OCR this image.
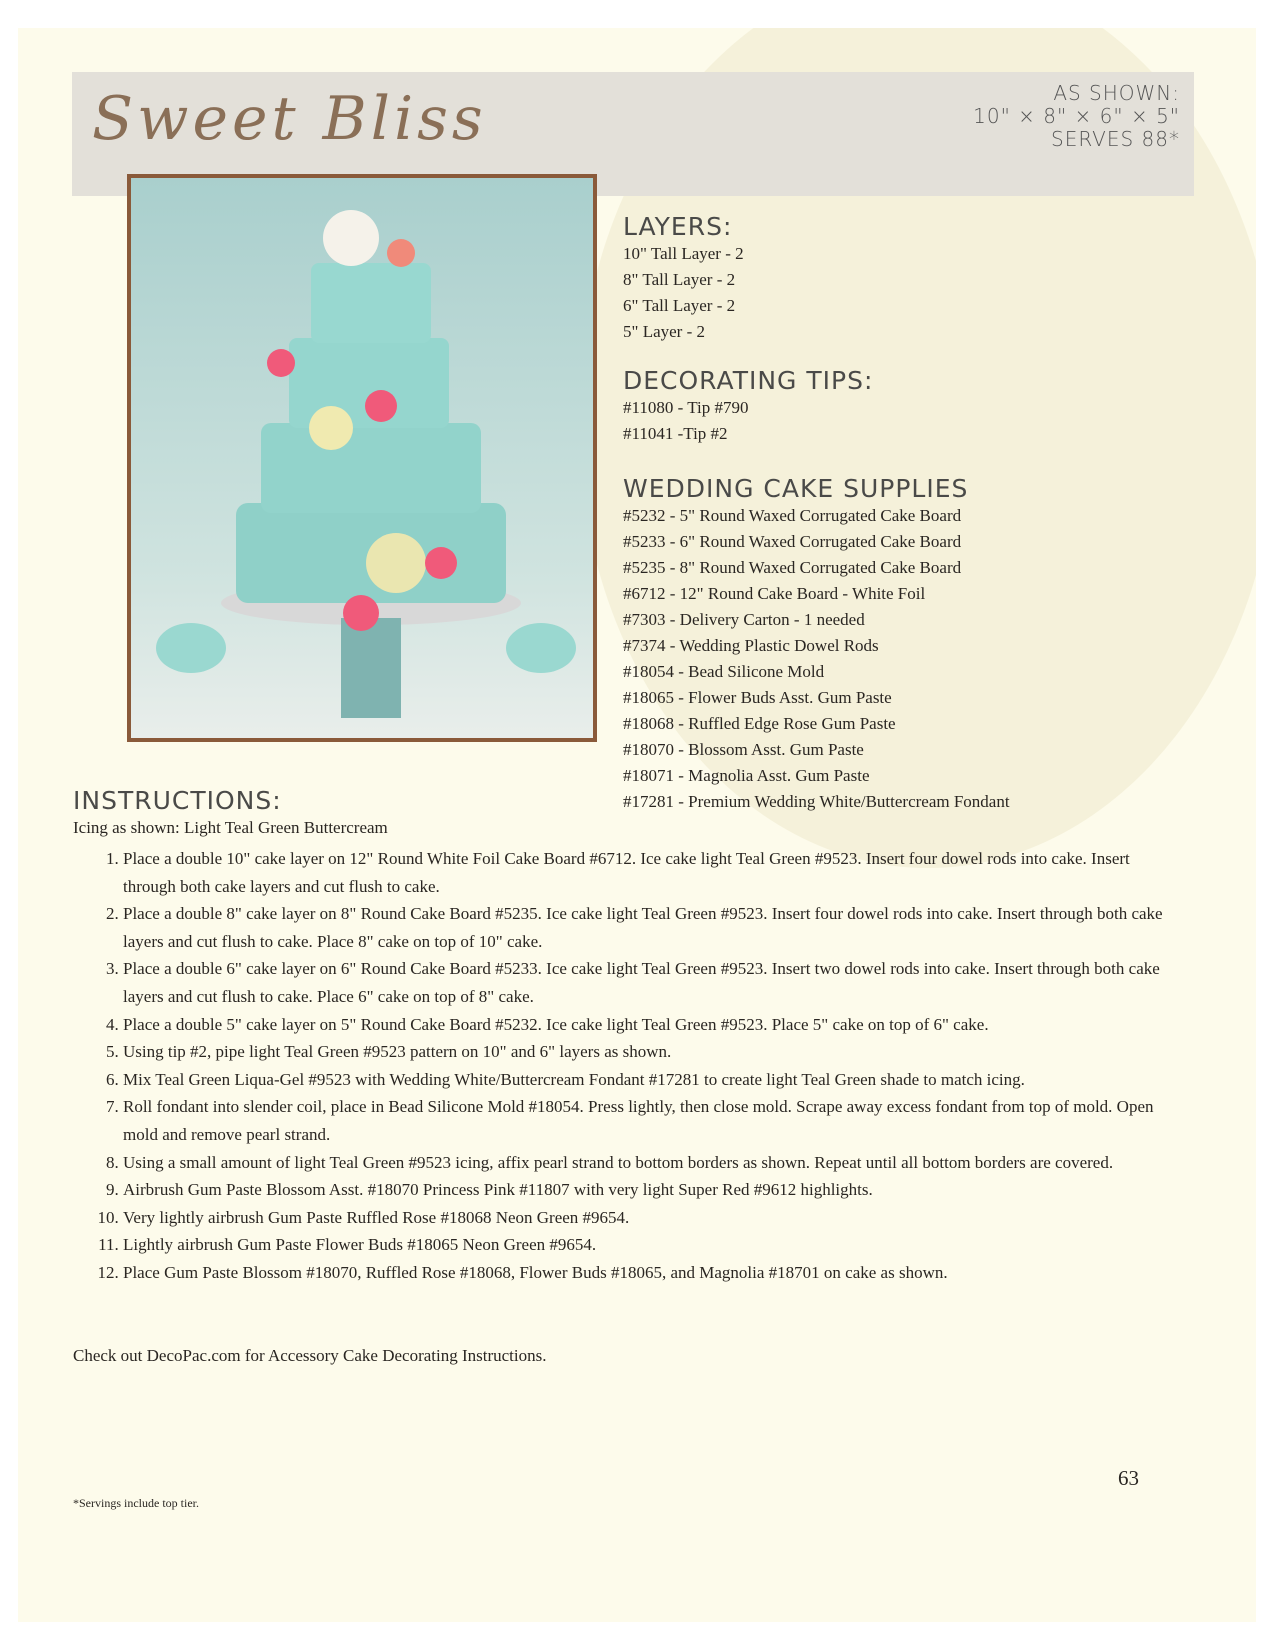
Sweet Bliss	AS SHOWN:
10" × 8" × 6" × 5"
SERVES 88*
LAYERS:
10" Tall Layer - 2
8" Tall Layer - 2
6" Tall Layer - 2
5" Layer - 2
DECORATING TIPS:
#11080 - Tip #790
#11041 -Tip #2
WEDDING CAKE SUPPLIES
#5232 - 5" Round Waxed Corrugated Cake Board
#5233 - 6" Round Waxed Corrugated Cake Board
#5235 - 8" Round Waxed Corrugated Cake Board
#6712 - 12" Round Cake Board - White Foil
#7303 - Delivery Carton - 1 needed
#7374 - Wedding Plastic Dowel Rods
#18054 - Bead Silicone Mold
#18065 - Flower Buds Asst. Gum Paste
#18068 - Ruffled Edge Rose Gum Paste
#18070 - Blossom Asst. Gum Paste
#18071 - Magnolia Asst. Gum Paste
#17281 - Premium Wedding White/Buttercream Fondant
INSTRUCTIONS:
Icing as shown: Light Teal Green Buttercream
1. Place a double 10" cake layer on 12" Round White Foil Cake Board #6712. Ice cake light Teal Green #9523. Insert four dowel rods into cake. Insert through both cake layers and cut flush to cake.
2. Place a double 8" cake layer on 8" Round Cake Board #5235. Ice cake light Teal Green #9523. Insert four dowel rods into cake. Insert through both cake layers and cut flush to cake. Place 8" cake on top of 10" cake.
3. Place a double 6" cake layer on 6" Round Cake Board #5233. Ice cake light Teal Green #9523. Insert two dowel rods into cake. Insert through both cake layers and cut flush to cake. Place 6" cake on top of 8" cake.
4. Place a double 5" cake layer on 5" Round Cake Board #5232. Ice cake light Teal Green #9523. Place 5" cake on top of 6" cake.
5. Using tip #2, pipe light Teal Green #9523 pattern on 10" and 6" layers as shown.
6. Mix Teal Green Liqua-Gel #9523 with Wedding White/Buttercream Fondant #17281 to create light Teal Green shade to match icing.
7. Roll fondant into slender coil, place in Bead Silicone Mold #18054. Press lightly, then close mold. Scrape away excess fondant from top of mold. Open mold and remove pearl strand.
8. Using a small amount of light Teal Green #9523 icing, affix pearl strand to bottom borders as shown. Repeat until all bottom borders are covered.
9. Airbrush Gum Paste Blossom Asst. #18070 Princess Pink #11807 with very light Super Red #9612 highlights.
10. Very lightly airbrush Gum Paste Ruffled Rose #18068 Neon Green #9654.
11. Lightly airbrush Gum Paste Flower Buds #18065 Neon Green #9654.
12. Place Gum Paste Blossom #18070, Ruffled Rose #18068, Flower Buds #18065, and Magnolia #18701 on cake as shown.
Check out DecoPac.com for Accessory Cake Decorating Instructions.
63
*Servings include top tier.
